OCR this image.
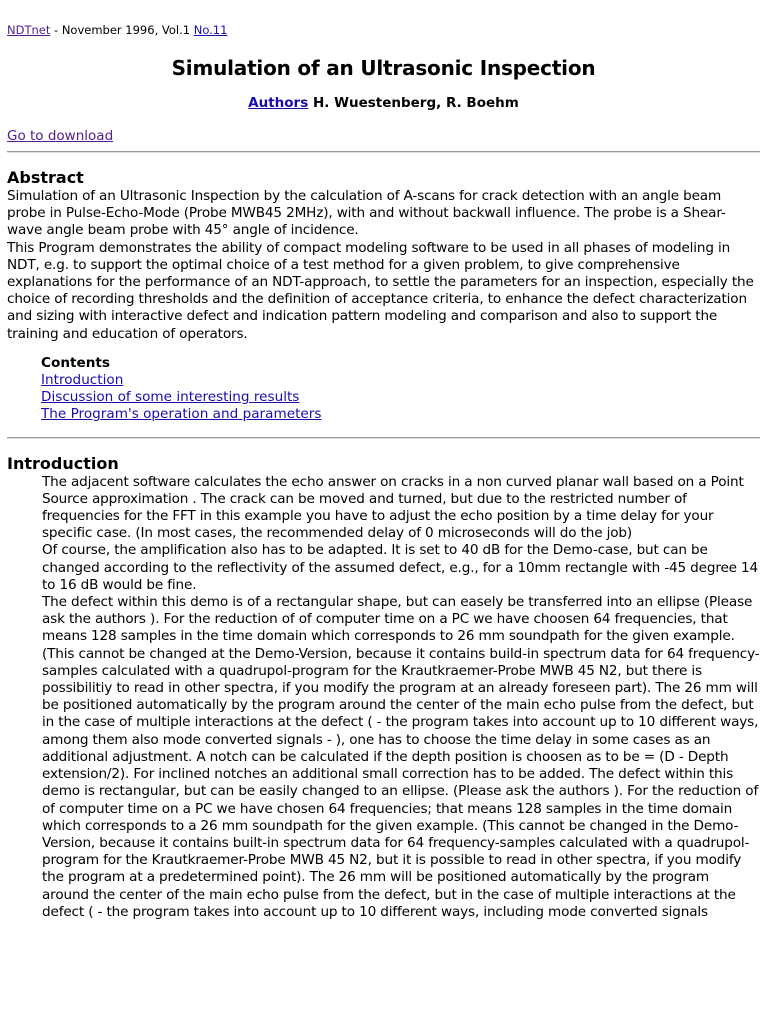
NDTnet - November 1996, Vol.1 No.11
Simulation of an Ultrasonic Inspection
Authors H. Wuestenberg, R. Boehm
Go to download
Abstract

Simulation of an Ultrasonic Inspection by the calculation of A-scans for crack detection with an angle beam probe in Pulse-Echo-Mode (Probe MWB45 2MHz), with and without backwall influence. The probe is a Shear-wave angle beam probe with 45° angle of incidence.

This Program demonstrates the ability of compact modeling software to be used in all phases of modeling in NDT, e.g. to support the optimal choice of a test method for a given problem, to give comprehensive explanations for the performance of an NDT-approach, to settle the parameters for an inspection, especially the choice of recording thresholds and the definition of acceptance criteria, to enhance the defect characterization and sizing with interactive defect and indication pattern modeling and comparison and also to support the training and education of operators.

Contents
Introduction
Discussion of some interesting results
The Program's operation and parameters
Introduction

The adjacent software calculates the echo answer on cracks in a non curved planar wall based on a Point Source approximation . The crack can be moved and turned, but due to the restricted number of frequencies for the FFT in this example you have to adjust the echo position by a time delay for your specific case. (In most cases, the recommended delay of 0 microseconds will do the job)

Of course, the amplification also has to be adapted. It is set to 40 dB for the Demo-case, but can be changed according to the reflectivity of the assumed defect, e.g., for a 10mm rectangle with -45 degree 14 to 16 dB would be fine.

The defect within this demo is of a rectangular shape, but can easely be transferred into an ellipse (Please ask the authors ). For the reduction of of computer time on a PC we have choosen 64 frequencies, that means 128 samples in the time domain which corresponds to 26 mm soundpath for the given example. (This cannot be changed at the Demo-Version, because it contains build-in spectrum data for 64 frequency-samples calculated with a quadrupol-program for the Krautkraemer-Probe MWB 45 N2, but there is possibilitiy to read in other spectra, if you modify the program at an already foreseen part). The 26 mm will be positioned automatically by the program around the center of the main echo pulse from the defect, but in the case of multiple interactions at the defect ( - the program takes into account up to 10 different ways, among them also mode converted signals - ), one has to choose the time delay in some cases as an additional adjustment. A notch can be calculated if the depth position is choosen as to be = (D - Depth extension/2). For inclined notches an additional small correction has to be added. The defect within this demo is rectangular, but can be easily changed to an ellipse. (Please ask the authors ). For the reduction of of computer time on a PC we have chosen 64 frequencies; that means 128 samples in the time domain which corresponds to a 26 mm soundpath for the given example. (This cannot be changed in the Demo-Version, because it contains built-in spectrum data for 64 frequency-samples calculated with a quadrupol-program for the Krautkraemer-Probe MWB 45 N2, but it is possible to read in other spectra, if you modify the program at a predetermined point). The 26 mm will be positioned automatically by the program around the center of the main echo pulse from the defect, but in the case of multiple interactions at the defect ( - the program takes into account up to 10 different ways, including mode converted signals
